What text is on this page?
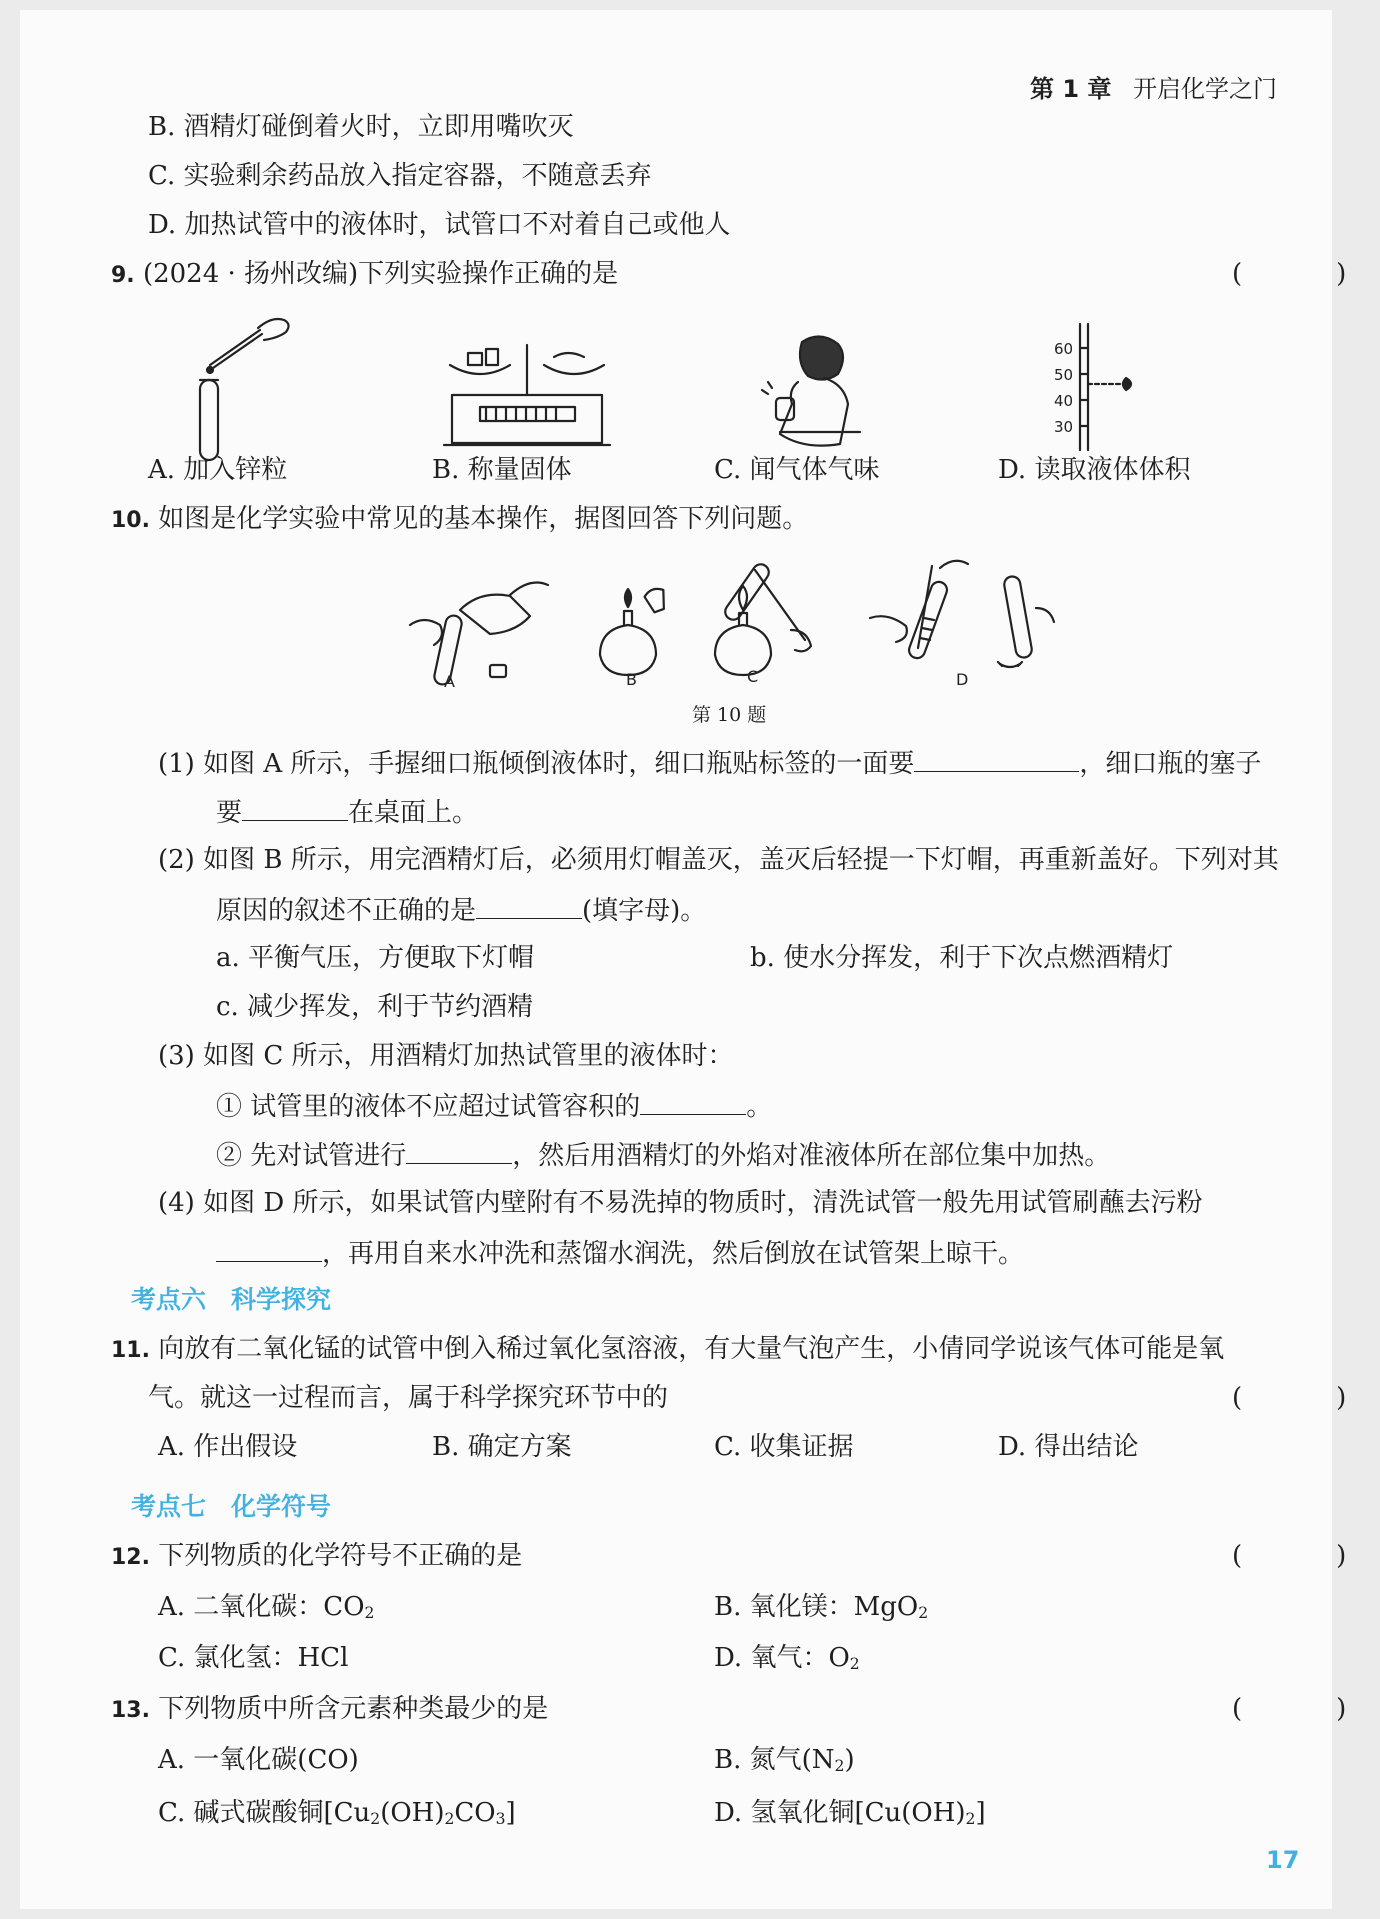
第 1 章 开启化学之门
B. 酒精灯碰倒着火时，立即用嘴吹灭
C. 实验剩余药品放入指定容器，不随意丢弃
D. 加热试管中的液体时，试管口不对着自己或他人
9. (2024 · 扬州改编)下列实验操作正确的是	(　)
60
50
40
30
A. 加入锌粒	B. 称量固体	C. 闻气体气味	D. 读取液体体积
10. 如图是化学实验中常见的基本操作，据图回答下列问题。
A	B	C	D
第 10 题
(1) 如图 A 所示，手握细口瓶倾倒液体时，细口瓶贴标签的一面要	，细口瓶的塞子
要	在桌面上。
(2) 如图 B 所示，用完酒精灯后，必须用灯帽盖灭，盖灭后轻提一下灯帽，再重新盖好。下列对其
原因的叙述不正确的是	(填字母)。
a. 平衡气压，方便取下灯帽	b. 使水分挥发，利于下次点燃酒精灯
c. 减少挥发，利于节约酒精
(3) 如图 C 所示，用酒精灯加热试管里的液体时：
① 试管里的液体不应超过试管容积的	。
② 先对试管进行	，然后用酒精灯的外焰对准液体所在部位集中加热。
(4) 如图 D 所示，如果试管内壁附有不易洗掉的物质时，清洗试管一般先用试管刷蘸去污粉
，再用自来水冲洗和蒸馏水润洗，然后倒放在试管架上晾干。
考点六　科学探究
11. 向放有二氧化锰的试管中倒入稀过氧化氢溶液，有大量气泡产生，小倩同学说该气体可能是氧
气。就这一过程而言，属于科学探究环节中的	(　)
A. 作出假设	B. 确定方案	C. 收集证据	D. 得出结论
考点七　化学符号
12. 下列物质的化学符号不正确的是	(　)
A. 二氧化碳：$CO_2$	B. 氧化镁：MgO$_2$
C. 氯化氢：HCl	D. 氧气：$O_2$
13. 下列物质中所含元素种类最少的是	(　)
A. 一氧化碳(CO)	B. 氮气$(N_2)$
C. 碱式碳酸铜$[Cu_2(OH)_2CO_3]$	D. 氢氧化铜$[Cu(OH)_2]$
17
